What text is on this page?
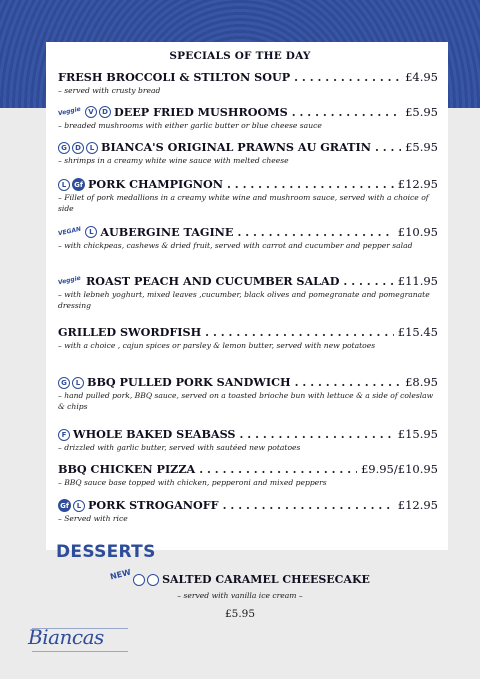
SPECIALS OF THE DAY
FRESH BROCCOLI & STILTON SOUP . . .	£4.95
– served with crusty bread
Veggie V	D DEEP FRIED MUSHROOMS . . .	£5.95
– breaded mushrooms with either garlic butter or blue cheese sauce
G	D	L BIANCA'S ORIGINAL PRAWNS AU GRATIN . . .	£5.95
– shrimps in a creamy white wine sauce with melted cheese
L	Gf PORK CHAMPIGNON . . .	£12.95
– Fillet of pork medallions in a creamy white wine and mushroom sauce, served with a choice of side
VEGAN	L AUBERGINE TAGINE . . .	£10.95
– with chickpeas, cashews & dried fruit, served with carrot and cucumber and pepper salad
Veggie ROAST PEACH AND CUCUMBER SALAD . . .	£11.95
– with lebneh yoghurt, mixed leaves ,cucumber, black olives and pomegranate and pomegranate dressing
GRILLED SWORDFISH . . .	£15.45
– with a choice , cajun spices or parsley & lemon butter, served with new potatoes
G	L BBQ PULLED PORK SANDWICH . . .	£8.95
– hand pulled pork, BBQ sauce, served on a toasted brioche bun with lettuce & a side of coleslaw & chips
F WHOLE BAKED SEABASS . . .	£15.95
– drizzled with garlic butter, served with sautéed new potatoes
BBQ CHICKEN PIZZA . . .	£9.95/£10.95
– BBQ sauce base topped with chicken, pepperoni and mixed peppers
Gf	L PORK STROGANOFF . . .	£12.95
– Served with rice
DESSERTS
NEW	SALTED CARAMEL CHEESECAKE
– served with vanilla ice cream –
£5.95
Biancas
